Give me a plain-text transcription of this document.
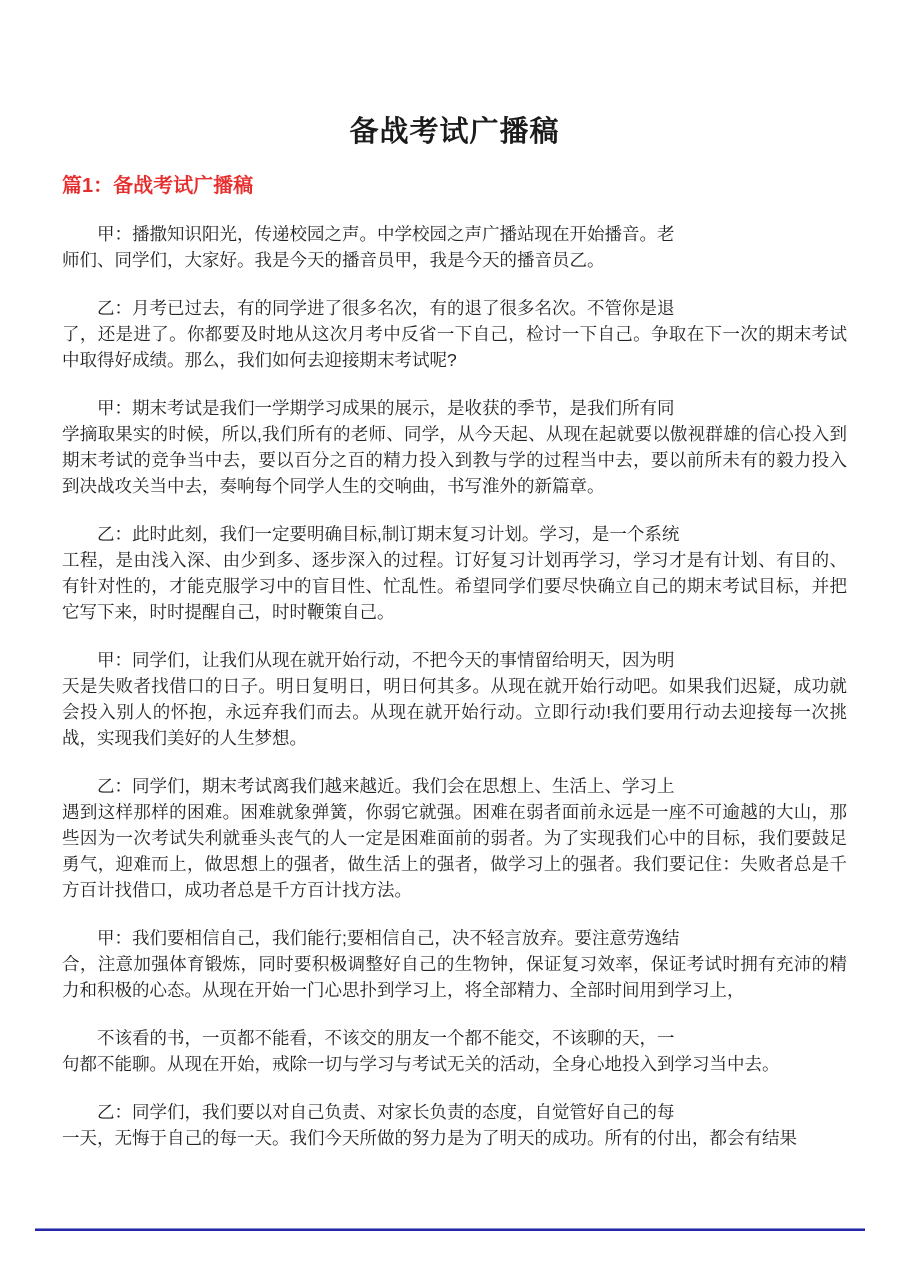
备战考试广播稿
篇1：备战考试广播稿

甲：播撒知识阳光，传递校园之声。中学校园之声广播站现在开始播音。老
师们、同学们，大家好。我是今天的播音员甲，我是今天的播音员乙。

乙：月考已过去，有的同学进了很多名次，有的退了很多名次。不管你是退
了，还是进了。你都要及时地从这次月考中反省一下自己，检讨一下自己。争取在下一次的期末考试中取得好成绩。那么，我们如何去迎接期末考试呢?

甲：期末考试是我们一学期学习成果的展示，是收获的季节，是我们所有同
学摘取果实的时候，所以,我们所有的老师、同学，从今天起、从现在起就要以傲视群雄的信心投入到期末考试的竞争当中去，要以百分之百的精力投入到教与学的过程当中去，要以前所未有的毅力投入到决战攻关当中去，奏响每个同学人生的交响曲，书写淮外的新篇章。

乙：此时此刻，我们一定要明确目标,制订期末复习计划。学习，是一个系统
工程，是由浅入深、由少到多、逐步深入的过程。订好复习计划再学习，学习才是有计划、有目的、有针对性的，才能克服学习中的盲目性、忙乱性。希望同学们要尽快确立自己的期末考试目标，并把它写下来，时时提醒自己，时时鞭策自己。

甲：同学们，让我们从现在就开始行动，不把今天的事情留给明天，因为明
天是失败者找借口的日子。明日复明日，明日何其多。从现在就开始行动吧。如果我们迟疑，成功就会投入别人的怀抱，永远弃我们而去。从现在就开始行动。立即行动!我们要用行动去迎接每一次挑战，实现我们美好的人生梦想。

乙：同学们，期末考试离我们越来越近。我们会在思想上、生活上、学习上
遇到这样那样的困难。困难就象弹簧，你弱它就强。困难在弱者面前永远是一座不可逾越的大山，那些因为一次考试失利就垂头丧气的人一定是困难面前的弱者。为了实现我们心中的目标，我们要鼓足勇气，迎难而上，做思想上的强者，做生活上的强者，做学习上的强者。我们要记住：失败者总是千方百计找借口，成功者总是千方百计找方法。

甲：我们要相信自己，我们能行;要相信自己，决不轻言放弃。要注意劳逸结
合，注意加强体育锻炼，同时要积极调整好自己的生物钟，保证复习效率，保证考试时拥有充沛的精力和积极的心态。从现在开始一门心思扑到学习上，将全部精力、全部时间用到学习上，

不该看的书，一页都不能看，不该交的朋友一个都不能交，不该聊的天，一
句都不能聊。从现在开始，戒除一切与学习与考试无关的活动，全身心地投入到学习当中去。

乙：同学们，我们要以对自己负责、对家长负责的态度，自觉管好自己的每
一天，无悔于自己的每一天。我们今天所做的努力是为了明天的成功。所有的付出，都会有结果
